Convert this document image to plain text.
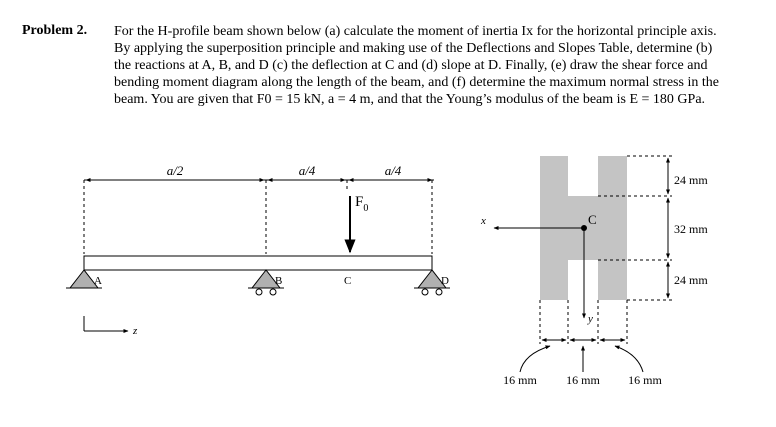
Problem 2. For the H-profile beam shown below (a) calculate the moment of inertia Ix for the horizontal principle axis.
By applying the superposition principle and making use of the Deflections and Slopes Table, determine (b)
the reactions at A, B, and D (c) the deflection at C and (d) slope at D. Finally, (e) draw the shear force and
bending moment diagram along the length of the beam, and (f) determine the maximum normal stress in the
beam. You are given that F0 = 15 kN, a = 4 m, and that the Young’s modulus of the beam is E = 180 GPa.

a/2	a/4	a/4
$F_0$
A	B	C	D
z
x
y
C
24 mm
32 mm
24 mm
16 mm 16 mm 16 mm
